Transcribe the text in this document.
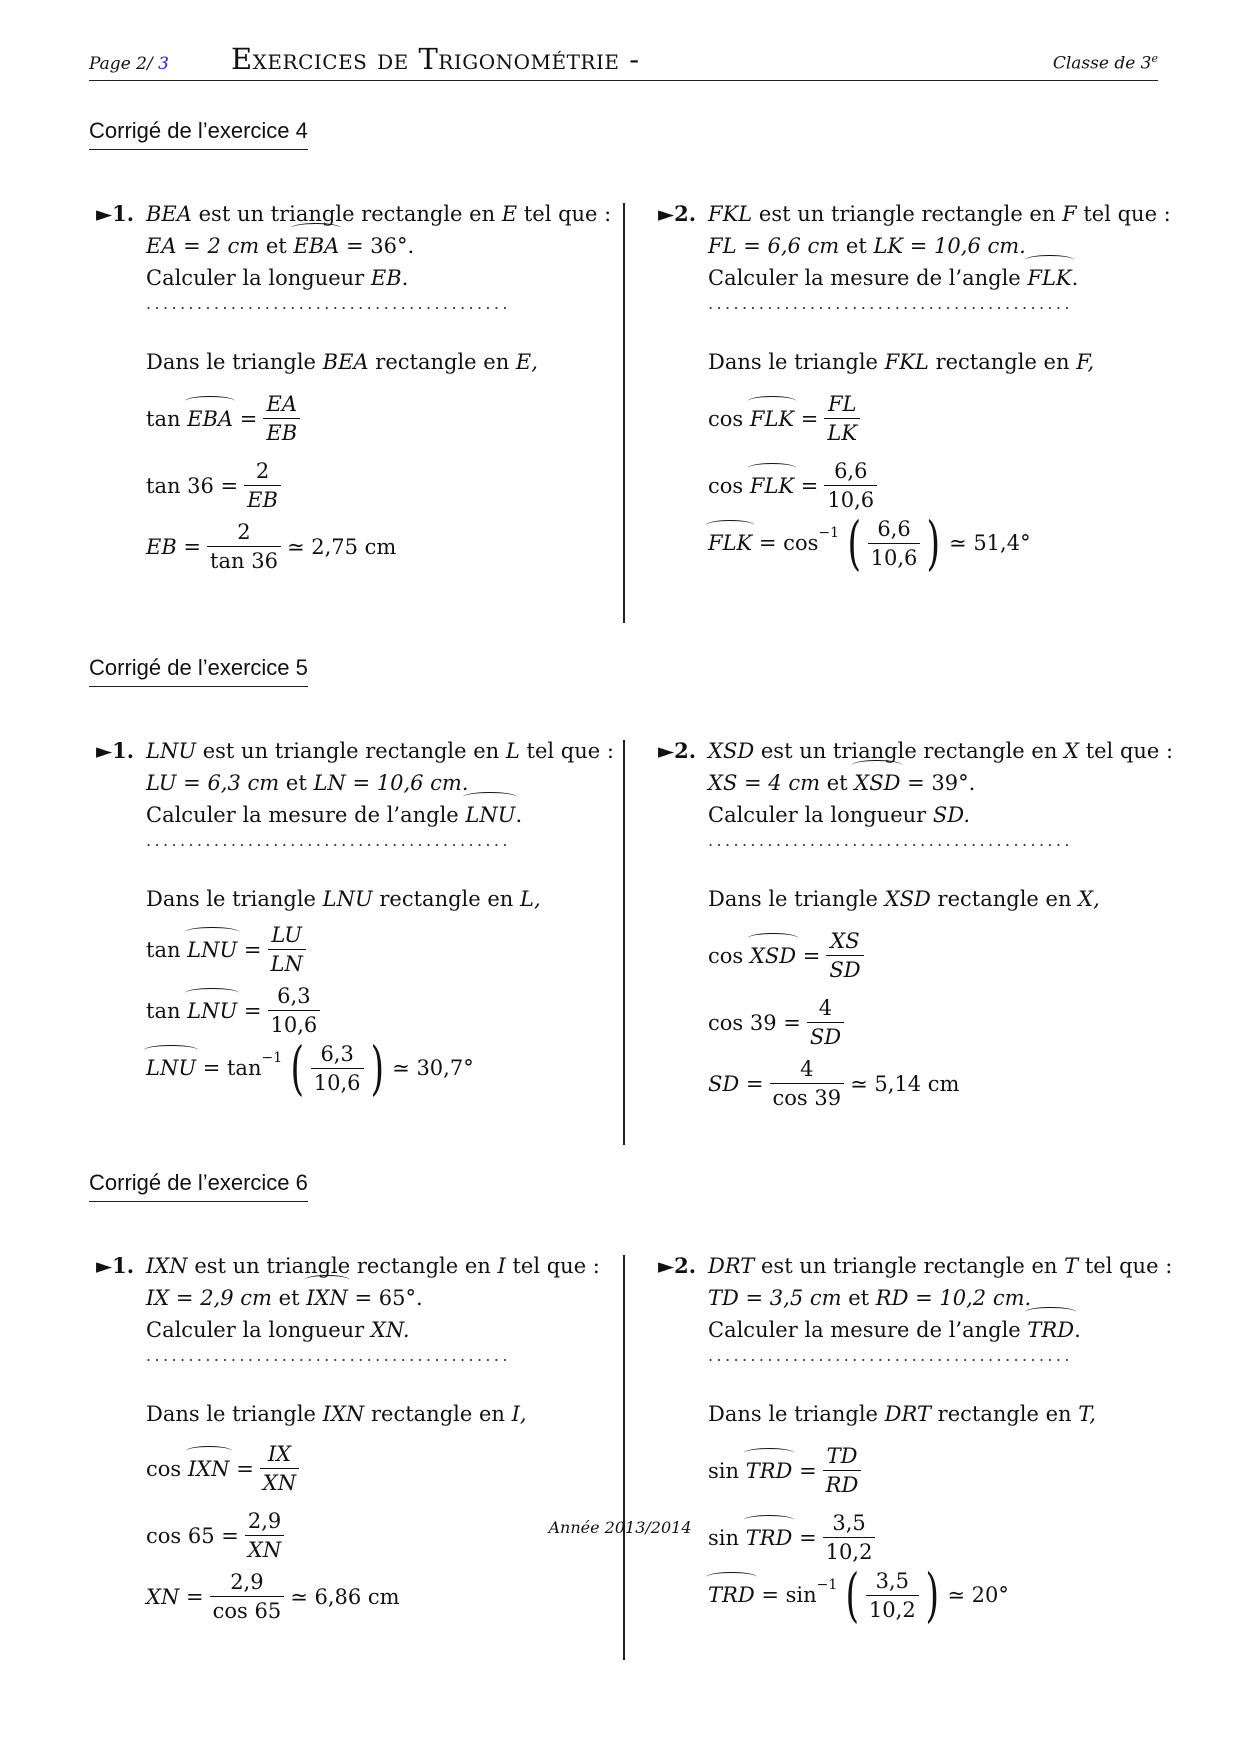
Page 2/ 3 Exercices de Trigonométrie -	Classe de 3e
Corrigé de l’exercice 4
►1. BEA est un triangle rectangle en E tel que :
EA = 2 cm et EBA = 36°.
Calculer la longueur EB.
...........................................
Dans le triangle BEA rectangle en E,
tan
EBA
= $\frac{EA}{EB}$
$\tan 36 = \frac{2}{EB}$
EB = $\frac{2}{\tan 36}$ ≃ 2,75 cm
►2. FKL est un triangle rectangle en F tel que :
FL = 6,6 cm et LK = 10,6 cm.
Calculer la mesure de l’angle FLK.
...........................................
Dans le triangle FKL rectangle en F,
cos
FLK
= $\frac{FL}{LK}$
cos
FLK
= $\frac{6,6}{10,6}$
FLK
= cos −1 ( $\frac{6,6}{10,6}$ ) ≃ 51,4°
Corrigé de l’exercice 5
►1. LNU est un triangle rectangle en L tel que :
LU = 6,3 cm et LN = 10,6 cm.
Calculer la mesure de l’angle LNU.
...........................................
Dans le triangle LNU rectangle en L,
tan
LNU
= $\frac{LU}{LN}$
tan
LNU
= $\frac{6,3}{10,6}$
LNU
= tan −1 ( $\frac{6,3}{10,6}$ ) ≃ 30,7°
►2. XSD est un triangle rectangle en X tel que :
XS = 4 cm et XSD = 39°.
Calculer la longueur SD.
...........................................
Dans le triangle XSD rectangle en X,
cos
XSD
= $\frac{XS}{SD}$
$\cos 39 = \frac{4}{SD}$
SD = $\frac{4}{\cos 39}$ ≃ 5,14 cm
Corrigé de l’exercice 6
►1. IXN est un triangle rectangle en I tel que :
IX = 2,9 cm et IXN = 65°.
Calculer la longueur XN.
...........................................
Dans le triangle IXN rectangle en I,
cos
IXN
= $\frac{IX}{XN}$
$\cos 65 = \frac{2,9}{XN}$
XN = $\frac{2,9}{\cos 65}$ ≃ 6,86 cm
►2. DRT est un triangle rectangle en T tel que :
TD = 3,5 cm et RD = 10,2 cm.
Calculer la mesure de l’angle TRD.
...........................................
Dans le triangle DRT rectangle en T,
sin
TRD
= $\frac{TD}{RD}$
sin
TRD
= $\frac{3,5}{10,2}$
TRD
= sin −1 ( $\frac{3,5}{10,2}$ ) ≃ 20°
Année 2013/2014
